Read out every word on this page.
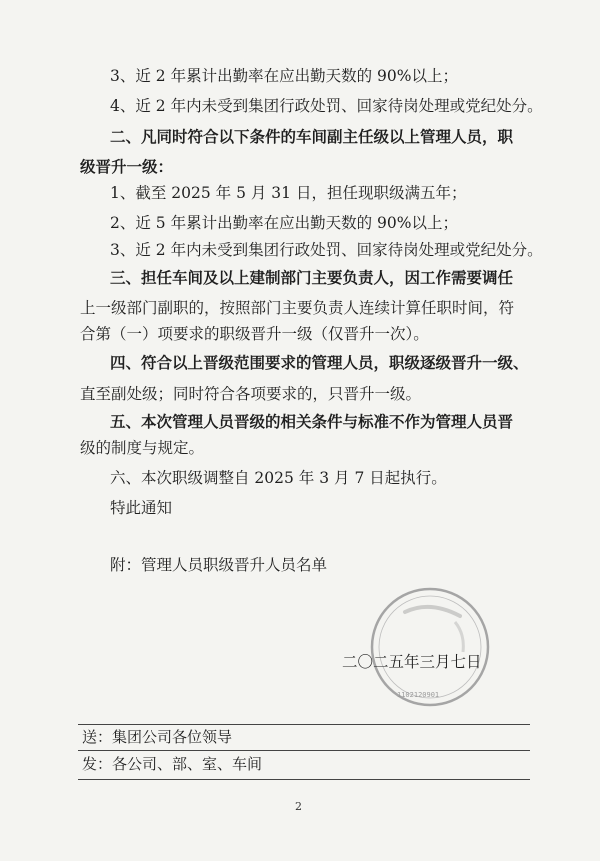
3、近 2 年累计出勤率在应出勤天数的 90%以上；
4、近 2 年内未受到集团行政处罚、回家待岗处理或党纪处分。
二、凡同时符合以下条件的车间副主任级以上管理人员，职
级晋升一级：
1、截至 2025 年 5 月 31 日，担任现职级满五年；
2、近 5 年累计出勤率在应出勤天数的 90%以上；
3、近 2 年内未受到集团行政处罚、回家待岗处理或党纪处分。
三、担任车间及以上建制部门主要负责人，因工作需要调任
上一级部门副职的，按照部门主要负责人连续计算任职时间，符
合第（一）项要求的职级晋升一级（仅晋升一次）。
四、符合以上晋级范围要求的管理人员，职级逐级晋升一级、
直至副处级；同时符合各项要求的，只晋升一级。
五、本次管理人员晋级的相关条件与标准不作为管理人员晋
级的制度与规定。
六、本次职级调整自 2025 年 3 月 7 日起执行。
特此通知
附：管理人员职级晋升人员名单
1102120901
二〇二五年三月七日
送：集团公司各位领导
发：各公司、部、室、车间
2
